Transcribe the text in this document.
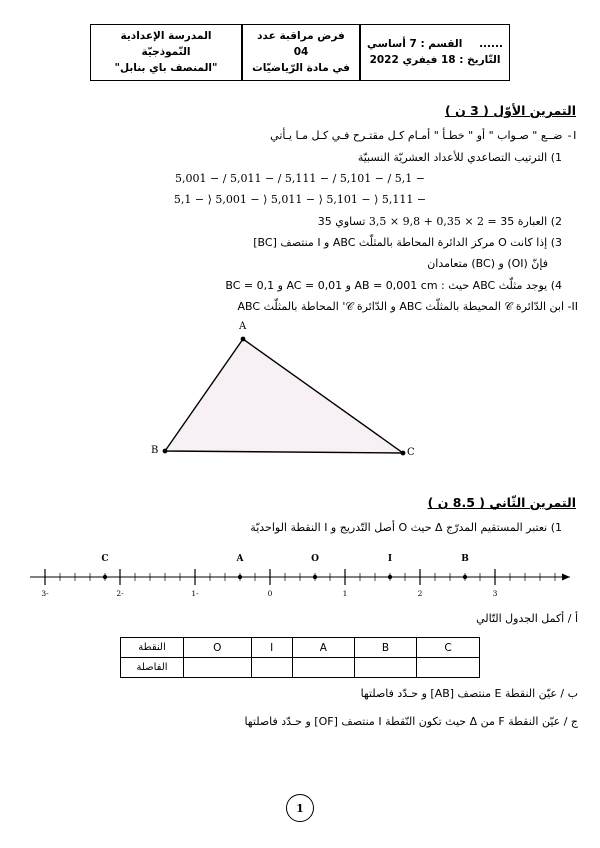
......
القسم : 7 أساسي
التّاريخ : 18 فيفري 2022
فرض مراقبة عدد 04
في مادة الرّياضيّات
المدرسة الإعدادية النّموذجيّة
"المنصف باي بنابل"
التمرين الأوّل ( 3 ن )
I- ضــع " صـواب " أو " خطـأ " أمـام كـل مقتـرح فـي كـل مـا يـأتي
1) الترتيب التصاعدي للأعداد العشريّة النسبيّة
− 5,1 / − 5,101 / − 5,111 / − 5,011 / − 5,001
− 5,111 ⟨ − 5,101 ⟨ − 5,011 ⟨ − 5,001 ⟨ − 5,1
2) العبارة 35 = 3,5 × 9,8 + 0,35 × 2 تساوي 35
3) إذا كانت O مركز الدائرة المحاطة بالمثلّث ABC و I منتصف [BC]
فإنّ (OI) و (BC) متعامدان
4) يوجد مثلّث ABC حيث : AB = 0,001 cm و AC = 0,01 و BC = 0,1
II- ابن الدّائرة 𝒞 المحيطة بالمثلّث ABC و الدّائرة 𝒞' المحاطة بالمثلّث ABC
A
B	C
التمرين الثّاني ( 8.5 ن )
1) نعتبر المستقيم المدرّج Δ حيث O أصل التّدريج و I النقطة الواحديّة
C	A	O	I	B
-3	-2	-1	0	1	2	3
أ / أكمل الجدول التّالي
C	B	A	I	O	النقطة
					الفاصلة
ب / عيّن النقطة E منتصف [AB] و حـدّد فاصلتها
ج / عيّن النقطة F من Δ حيث تكون النّقطة I منتصف [OF] و حـدّد فاصلتها
1
